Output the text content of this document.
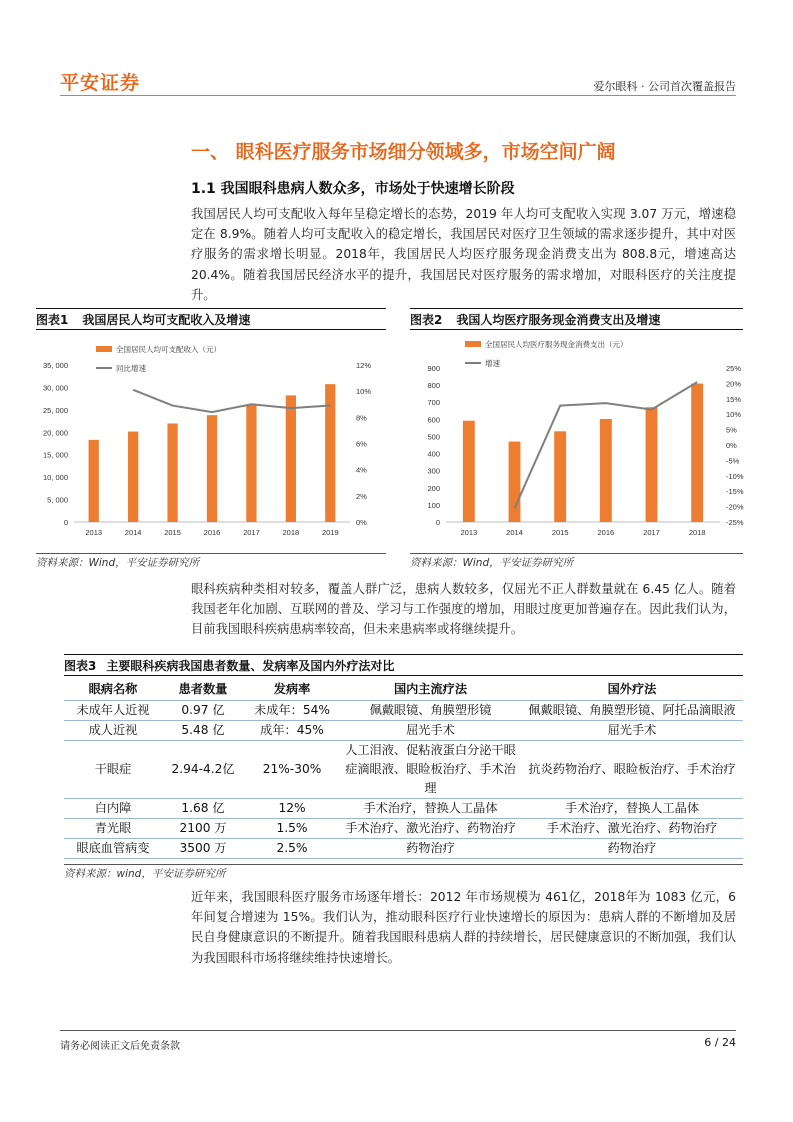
平安证券	爱尔眼科 · 公司首次覆盖报告
一、 眼科医疗服务市场细分领域多，市场空间广阔
1.1 我国眼科患病人数众多，市场处于快速增长阶段

我国居民人均可支配收入每年呈稳定增长的态势，2019 年人均可支配收入实现 3.07 万元，增速稳定在 8.9%。随着人均可支配收入的稳定增长，我国居民对医疗卫生领域的需求逐步提升，其中对医疗服务的需求增长明显。2018年，我国居民人均医疗服务现金消费支出为 808.8元，增速高达 20.4%。随着我国居民经济水平的提升，我国居民对医疗服务的需求增加，对眼科医疗的关注度提升。

图表1 我国居民人均可支配收入及增速	图表2 我国人均医疗服务现金消费支出及增速
0
5, 000
10, 000
15, 000
20, 000
25, 000
30, 000
35, 000
0%
2%
4%
6%
8%
10%
12%
2013	2014	2015	2016	2017	2018	2019
全国居民人均可支配收入（元）
同比增速
0
100
200
300
400
500
600
700
800
900
-25%
-20%
-15%
-10%
-5%
0%
5%
10%
15%
20%
25%
2013	2014	2015	2016	2017	2018
全国居民人均医疗服务现金消费支出（元）
增速
资料来源：Wind，平安证券研究所	资料来源：Wind，平安证券研究所

眼科疾病种类相对较多，覆盖人群广泛，患病人数较多，仅屈光不正人群数量就在 6.45 亿人。随着我国老年化加剧、互联网的普及、学习与工作强度的增加，用眼过度更加普遍存在。因此我们认为，目前我国眼科疾病患病率较高，但未来患病率或将继续提升。

图表3 主要眼科疾病我国患者数量、发病率及国内外疗法对比
眼病名称	患者数量	发病率	国内主流疗法	国外疗法
未成年人近视	0.97 亿	未成年：54%	佩戴眼镜、角膜塑形镜	佩戴眼镜、角膜塑形镜、阿托品滴眼液
成人近视	5.48 亿	成年：45%	屈光手术	屈光手术
干眼症	2.94-4.2亿	21%-30%	人工泪液、促粘液蛋白分泌干眼症滴眼液、眼睑板治疗、手术治理	抗炎药物治疗、眼睑板治疗、手术治疗
白内障	1.68 亿	12%	手术治疗，替换人工晶体	手术治疗，替换人工晶体
青光眼	2100 万	1.5%	手术治疗、激光治疗、药物治疗	手术治疗、激光治疗、药物治疗
眼底血管病变	3500 万	2.5%	药物治疗	药物治疗
资料来源：wind，平安证券研究所

近年来，我国眼科医疗服务市场逐年增长：2012 年市场规模为 461亿，2018年为 1083 亿元，6 年间复合增速为 15%。我们认为，推动眼科医疗行业快速增长的原因为：患病人群的不断增加及居民自身健康意识的不断提升。随着我国眼科患病人群的持续增长，居民健康意识的不断加强，我们认为我国眼科市场将继续维持快速增长。

请务必阅读正文后免责条款	6 / 24
